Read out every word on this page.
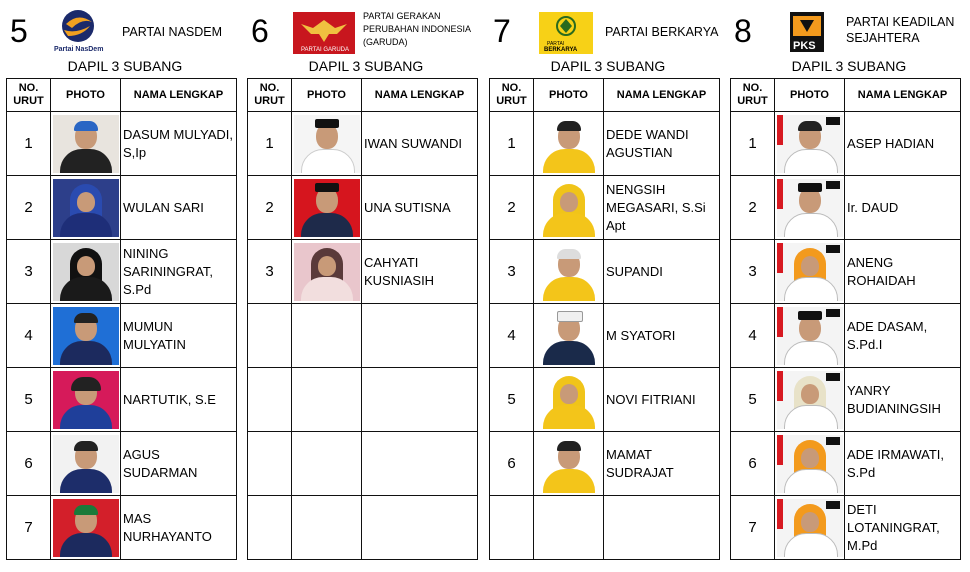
5
Partai NasDem
PARTAI NASDEM
DAPIL 3 SUBANG
NO. URUT	PHOTO	NAMA LENGKAP
1		DASUM MULYADI, S,Ip
2		WULAN SARI
3		NINING SARININGRAT, S.Pd
4		MUMUN MULYATIN
5		NARTUTIK, S.E
6		AGUS SUDARMAN
7		MAS NURHAYANTO
6
PARTAI GARUDA
PARTAI GERAKAN PERUBAHAN INDONESIA (GARUDA)
DAPIL 3 SUBANG
NO. URUT	PHOTO	NAMA LENGKAP
1		IWAN SUWANDI
2		UNA SUTISNA
3		CAHYATI KUSNIASIH

7	PARTAI
BERKARYA
PARTAI BERKARYA
DAPIL 3 SUBANG
NO. URUT	PHOTO	NAMA LENGKAP
1		DEDE WANDI AGUSTIAN
2		NENGSIH MEGASARI, S.Si Apt
3		SUPANDI
4		M SYATORI
5		NOVI FITRIANI
6		MAMAT SUDRAJAT

8	PKS
PARTAI KEADILAN SEJAHTERA
DAPIL 3 SUBANG
NO. URUT	PHOTO	NAMA LENGKAP
1		ASEP HADIAN
2		Ir. DAUD
3		ANENG ROHAIDAH
4		ADE DASAM, S.Pd.I
5		YANRY BUDIANINGSIH
6		ADE IRMAWATI, S.Pd
7		DETI LOTANINGRAT, M.Pd
